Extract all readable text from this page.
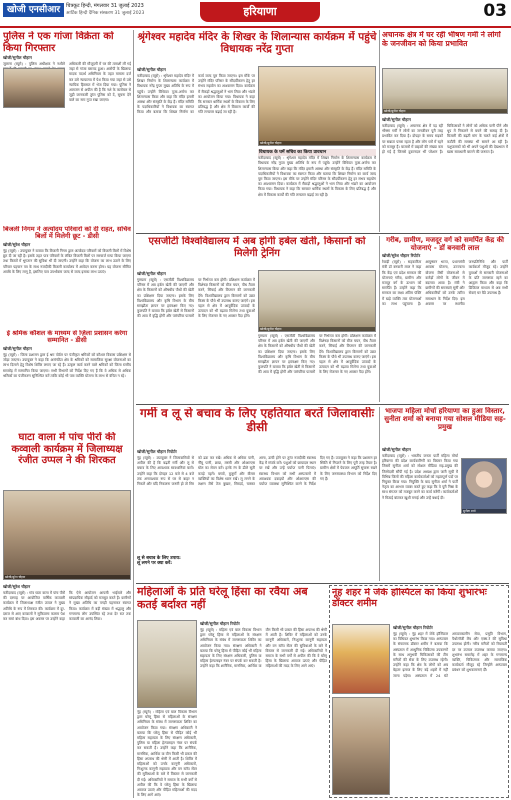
खोजी एनसीआर	चित्रकूट हिन्दी, मंगलवार 31 जुलाई 2023
आर्टिक हिन्दी दैनिक संस्करण 31 जुलाई 2023	हरियाणा	03
पुलिस ने एक गांजा विक्रेता को किया गिरफ्तार
खोजी/सुनील चौहान
जुलाना (ब्यूरो) : पुलिस अधीक्षक ने नशीले अधिकारी की मौजूदगी में घर की तलाशी ली गई जहां से गांजा बरामद हुआ। आरोपी के खिलाफ मादक पदार्थ अधिनियम के तहत मामला दर्ज कर उसे न्यायालय में पेश किया गया जहां से उसे न्यायिक हिरासत में भेज दिया गया। पुलिस ने आमजन से अपील की है कि नशे के कारोबार से जुड़ी जानकारी तुरंत पुलिस को दें, सूचना देने वाले का नाम गुप्त रखा जाएगा।
बिजली निगम ने अत्योदय परिवारों को दी राहत, सचिव बिलों में मिलेगी छूट - डीसी
खोजी/सुरेश चौहान
नूंह (ब्यूरो) : उपायुक्त ने बताया कि बिजली निगम द्वारा अंत्योदय परिवारों को बिजली बिलों में विशेष छूट दी जा रही है। इसके तहत पात्र परिवारों के लंबित बिजली बिलों पर सरचार्ज माफ किया जाएगा तथा किस्तों में भुगतान की सुविधा भी दी जाएगी। उन्होंने कहा कि योजना का लाभ उठाने के लिए परिवार पहचान पत्र के साथ नजदीकी बिजली कार्यालय में आवेदन करना होगा। यह योजना सीमित अवधि के लिए लागू है, इसलिए पात्र उपभोक्ता जल्द से जल्द इसका लाभ उठाएं।
ई श्रमिक कौशल के माध्यम से ज़िला प्रशासन करेगा सम्मानित - डीसी
खोजी/सुनील चौहान
नूंह (ब्यूरो) : जिला प्रशासन द्वारा ई श्रम पोर्टल पर पंजीकृत श्रमिकों को कौशल विकास प्रशिक्षण से जोड़ा जाएगा। उपायुक्त ने कहा कि असंगठित क्षेत्र के श्रमिकों को सामाजिक सुरक्षा योजनाओं का लाभ दिलाने हेतु विशेष शिविर लगाए जा रहे हैं। उत्कृष्ट कार्य करने वाले श्रमिकों को जिला स्तरीय समारोह में सम्मानित किया जाएगा। सभी विभागों को निर्देश दिए गए हैं कि वे अधिक से अधिक श्रमिकों का पंजीकरण सुनिश्चित करें ताकि कोई भी पात्र व्यक्ति योजना के लाभ से वंचित न रहे।
घाटा वाला में पांच पीरों की कव्वाली कार्यक्रम में जिलाध्यक्ष रंजीत उप्पल ने की शिरकत
खोजी/सुरेश चौहान
खोजी/सुरेश चौहान
फरीदाबाद (ब्यूरो) : गांव घाटा वाला में पांच पीरों की दरगाह पर आयोजित वार्षिक कव्वाली कार्यक्रम में जिलाध्यक्ष रंजीत उप्पल ने मुख्य अतिथि के रूप में शिरकत की। कार्यक्रम में दूर-दराज से आए कव्वालों ने सूफियाना कलाम पेश कर समां बांध दिया। इस अवसर पर उन्होंने कहा कि ऐसे आयोजन आपसी भाईचारे और सांप्रदायिक सौहार्द को मजबूत करते हैं। ग्रामीणों ने मुख्य अतिथि का पगड़ी पहनाकर स्वागत किया। कार्यक्रम में बड़ी संख्या में श्रद्धालु और गणमान्य लोग उपस्थित रहे तथा देर रात तक कव्वाली का आनंद लिया।
श्रृंगेश्वर महादेव मंदिर के शिखर के शिलान्यास कार्यक्रम में पहुंचे विधायक नरेंद्र गुप्ता
खोजी/सुनील चौहान
फरीदाबाद (ब्यूरो) : श्रृंगेश्वर महादेव मंदिर में शिखर निर्माण के शिलान्यास कार्यक्रम में विधायक नरेंद्र गुप्ता मुख्य अतिथि के रूप में पहुंचे। उन्होंने विधिवत पूजा-अर्चना कर शिलान्यास किया और कहा कि मंदिर हमारी आस्था और संस्कृति के केंद्र हैं। मंदिर समिति के पदाधिकारियों ने विधायक का स्वागत किया और बताया कि शिखर निर्माण का कार्य जल्द पूरा किया जाएगा। इस मौके पर उन्होंने मंदिर परिसर के सौंदर्यीकरण हेतु हर संभव सहयोग का आश्वासन दिया। कार्यक्रम में सैकड़ों श्रद्धालुओं ने भाग लिया और भंडारे का आयोजन किया गया। विधायक ने कहा कि सरकार धार्मिक स्थलों के विकास के लिए प्रतिबद्ध है और क्षेत्र में विकास कार्यों की गति लगातार बढ़ाई जा रही है।
खोजी/सुनील चौहान
विधायक के घर्मे सचिव का किया प्रावधान
फरीदाबाद (ब्यूरो) : श्रृंगेश्वर महादेव मंदिर में शिखर निर्माण के शिलान्यास कार्यक्रम में विधायक नरेंद्र गुप्ता मुख्य अतिथि के रूप में पहुंचे। उन्होंने विधिवत पूजा-अर्चना कर शिलान्यास किया और कहा कि मंदिर हमारी आस्था और संस्कृति के केंद्र हैं। मंदिर समिति के पदाधिकारियों ने विधायक का स्वागत किया और बताया कि शिखर निर्माण का कार्य जल्द पूरा किया जाएगा। इस मौके पर उन्होंने मंदिर परिसर के सौंदर्यीकरण हेतु हर संभव सहयोग का आश्वासन दिया। कार्यक्रम में सैकड़ों श्रद्धालुओं ने भाग लिया और भंडारे का आयोजन किया गया। विधायक ने कहा कि सरकार धार्मिक स्थलों के विकास के लिए प्रतिबद्ध है और क्षेत्र में विकास कार्यों की गति लगातार बढ़ाई जा रही है।
अचानक क्षेत्र में घर रही भीषण गर्मी ने लोगों के जनजीवन को किया प्रभावित
खोजी/सुनील चौहान
खोजी/सुनील चौहान
फरीदाबाद (ब्यूरो) : अचानक क्षेत्र में पड़ रही भीषण गर्मी ने लोगों का जनजीवन पूरी तरह प्रभावित कर दिया है। दोपहर के समय सड़कों पर सन्नाटा पसरा रहता है और लोग घरों में रहने को मजबूर हैं। बाजारों में ग्राहकों की संख्या कम हो गई है जिससे दुकानदार भी परेशान हैं। चिकित्सकों ने लोगों को अधिक पानी पीने और धूप में निकलने से बचने की सलाह दी है। बिजली की बढ़ती मांग के चलते कई क्षेत्रों में कटौती की समस्या भी सामने आ रही है। पशुपालकों को भी अपने पशुओं की देखभाल में खास सावधानी बरतने की जरूरत है।
एसजीटी विश्वविद्यालय में अब होगी हर्बल खेती, किसानों को मिलेगी ट्रेनिंग
खोजी/सुनील चौहान
गुरुग्राम (ब्यूरो) : एसजीटी विश्वविद्यालय परिसर में अब हर्बल खेती की जाएगी और क्षेत्र के किसानों को औषधीय पौधों की खेती का प्रशिक्षण दिया जाएगा। इसके लिए विश्वविद्यालय और कृषि विभाग के बीच समझौता ज्ञापन पर हस्ताक्षर किए गए। कुलपति ने बताया कि हर्बल खेती से किसानों की आय में वृद्धि होगी और पारंपरिक फसलों पर निर्भरता कम होगी। प्रशिक्षण कार्यक्रम में विशेषज्ञ किसानों को बीज चयन, पौध तैयार करने, सिंचाई और विपणन की जानकारी देंगे। विश्वविद्यालय द्वारा किसानों को उन्नत किस्म के पौधे भी उपलब्ध कराए जाएंगे। इस पहल से क्षेत्र में आयुर्वेदिक उत्पादों के उत्पादन को भी बढ़ावा मिलेगा तथा युवाओं के लिए रोजगार के नए अवसर पैदा होंगे।
खोजी/सुनील चौहान
गुरुग्राम (ब्यूरो) : एसजीटी विश्वविद्यालय परिसर में अब हर्बल खेती की जाएगी और क्षेत्र के किसानों को औषधीय पौधों की खेती का प्रशिक्षण दिया जाएगा। इसके लिए विश्वविद्यालय और कृषि विभाग के बीच समझौता ज्ञापन पर हस्ताक्षर किए गए। कुलपति ने बताया कि हर्बल खेती से किसानों की आय में वृद्धि होगी और पारंपरिक फसलों पर निर्भरता कम होगी। प्रशिक्षण कार्यक्रम में विशेषज्ञ किसानों को बीज चयन, पौध तैयार करने, सिंचाई और विपणन की जानकारी देंगे। विश्वविद्यालय द्वारा किसानों को उन्नत किस्म के पौधे भी उपलब्ध कराए जाएंगे। इस पहल से क्षेत्र में आयुर्वेदिक उत्पादों के उत्पादन को भी बढ़ावा मिलेगा तथा युवाओं के लिए रोजगार के नए अवसर पैदा होंगे।
गरीब, ग्रामीण, मजदूर वर्ग को समर्पित केंद्र की योजनाएं - डॉ बनवारी लाल
खोजी/सुरेश चौहान रिपोर्टर
रेवाड़ी (ब्यूरो) : सहकारिता मंत्री डॉ बनवारी लाल ने कहा कि केंद्र एवं प्रदेश सरकार की योजनाएं गरीब, ग्रामीण और मजदूर वर्ग के उत्थान को समर्पित हैं। उन्होंने कहा कि सरकार का लक्ष्य अंतिम पंक्ति में खड़े व्यक्ति तक योजनाओं का लाभ पहुंचाना है। आयुष्मान भारत, प्रधानमंत्री आवास योजना, उज्ज्वला योजना जैसी योजनाओं से करोड़ों लोगों के जीवन में बदलाव आया है। मंत्री ने ग्रामीणों की समस्याएं सुनीं और अधिकारियों को उनके त्वरित समाधान के निर्देश दिए। इस अवसर पर स्थानीय जनप्रतिनिधि और पार्टी कार्यकर्ता मौजूद रहे। उन्होंने युवाओं से सरकारी योजनाओं के प्रति जागरूक रहने का आह्वान किया और कहा कि डिजिटल माध्यम से अब सभी सेवाएं घर बैठे उपलब्ध हैं।
गर्मी व लू से बचाव के लिए एहतियात बरतें जिलावासीः डीसी
खोजी/सुनील चौहान रिपोर्टर
नूंह (ब्यूरो) : उपायुक्त ने जिलावासियों से अपील की है कि बढ़ती गर्मी और लू से बचाव के लिए आवश्यक सावधानियां बरतें। उन्होंने कहा कि दोपहर 12 बजे से 4 बजे तक अनावश्यक रूप से घर से बाहर न निकलें और यदि निकलना जरूरी हो तो सिर को ढक कर रखें। अधिक से अधिक पानी, नींबू पानी, छाछ, लस्सी और ओआरएस घोल का सेवन करें। हल्के रंग के ढीले सूती कपड़े पहनें। बच्चों, बुजुर्गों और बीमार व्यक्तियों का विशेष ध्यान रखें। लू लगने के लक्षण जैसे तेज बुखार, सिरदर्द, चक्कर आना, उल्टी होने पर तुरंत नजदीकी स्वास्थ्य केंद्र में संपर्क करें। पशुओं को छायादार स्थान पर रखें और उन्हें पर्याप्त पानी पिलाएं। स्वास्थ्य विभाग को सभी अस्पतालों में आवश्यक दवाइयों और ओआरएस की पर्याप्त व्यवस्था सुनिश्चित करने के निर्देश दिए गए हैं। उपायुक्त ने कहा कि प्रशासन हर स्थिति से निपटने के लिए पूरी तरह तैयार है। ग्रामीण क्षेत्रों में पेयजल आपूर्ति सुचारू रखने के लिए जनस्वास्थ्य विभाग को निर्देश दिए गए हैं।
लू से बचाव के लिए उपाय:
लू लगने पर क्या करें:
भाजपा महिला मोर्चा हरियाणा का हुआ विस्तार, सुनीता शर्मा को बनाया गया सोशल मीडिया सह-प्रमुख
खोजी/सुनील चौहान
फरीदाबाद (ब्यूरो) : भारतीय जनता पार्टी महिला मोर्चा हरियाणा की प्रदेश कार्यकारिणी का विस्तार किया गया जिसमें सुनीता शर्मा को सोशल मीडिया सह-प्रमुख की जिम्मेदारी सौंपी गई है। प्रदेश अध्यक्ष द्वारा जारी सूची में विभिन्न जिलों की महिला कार्यकर्ताओं को महत्वपूर्ण पदों पर नियुक्त किया गया। नियुक्ति के बाद सुनीता शर्मा ने पार्टी नेतृत्व का आभार व्यक्त करते हुए कहा कि वे पूरी निष्ठा के साथ संगठन को मजबूत करने का कार्य करेंगी। कार्यकर्ताओं ने मिठाई बांटकर खुशी मनाई और उन्हें बधाई दी।
सुनीता शर्मा
महिलाओं के प्रति घरेलू हिंसा का रवैया अब कतई बर्दाश्त नहीं
खोजी/सुनील चौहान रिपोर्टर
नूंह (ब्यूरो) : महिला एवं बाल विकास विभाग द्वारा घरेलू हिंसा से महिलाओं के संरक्षण अधिनियम के संबंध में जागरूकता शिविर का आयोजन किया गया। संरक्षण अधिकारी ने बताया कि घरेलू हिंसा से पीड़ित कोई भी महिला सहायता के लिए संरक्षण अधिकारी, पुलिस या महिला हेल्पलाइन नंबर पर संपर्क कर सकती है। उन्होंने कहा कि शारीरिक, मानसिक, आर्थिक या यौन किसी भी प्रकार की हिंसा अपराध की श्रेणी में आती है। शिविर में महिलाओं को उनके कानूनी अधिकारों, निःशुल्क कानूनी सहायता और वन स्टॉप सेंटर की सुविधाओं के बारे में विस्तार से जानकारी दी गई। अधिकारियों ने समाज के सभी वर्गों से अपील की कि वे घरेलू हिंसा के खिलाफ आवाज उठाएं और पीड़ित महिलाओं की मदद के लिए आगे आएं।
नूंह (ब्यूरो) : महिला एवं बाल विकास विभाग द्वारा घरेलू हिंसा से महिलाओं के संरक्षण अधिनियम के संबंध में जागरूकता शिविर का आयोजन किया गया। संरक्षण अधिकारी ने बताया कि घरेलू हिंसा से पीड़ित कोई भी महिला सहायता के लिए संरक्षण अधिकारी, पुलिस या महिला हेल्पलाइन नंबर पर संपर्क कर सकती है। उन्होंने कहा कि शारीरिक, मानसिक, आर्थिक या यौन किसी भी प्रकार की हिंसा अपराध की श्रेणी में आती है। शिविर में महिलाओं को उनके कानूनी अधिकारों, निःशुल्क कानूनी सहायता और वन स्टॉप सेंटर की सुविधाओं के बारे में विस्तार से जानकारी दी गई। अधिकारियों ने समाज के सभी वर्गों से अपील की कि वे घरेलू हिंसा के खिलाफ आवाज उठाएं और पीड़ित महिलाओं की मदद के लिए आगे आएं।
नूंह शहर में जेके हॉस्पिटल का किया शुभारंभः डॉक्टर शमीम
खोजी/सुनील चौहान रिपोर्टर
नूंह (ब्यूरो) : नूंह शहर में जेके हॉस्पिटल का विधिवत शुभारंभ किया गया। अस्पताल के संचालक डॉक्टर शमीम ने बताया कि अस्पताल में आधुनिक चिकित्सा उपकरणों के साथ अनुभवी चिकित्सकों की टीम मरीजों की सेवा के लिए उपलब्ध रहेगी। उन्होंने कहा कि क्षेत्र के लोगों को अब बेहतर इलाज के लिए बड़े शहरों में नहीं जाना पड़ेगा। अस्पताल में 24 घंटे आपातकालीन सेवा, प्रसूति विभाग, पैथोलॉजी लैब और एक्स-रे की सुविधा उपलब्ध होगी। गरीब मरीजों को रियायती दर पर उपचार उपलब्ध कराया जाएगा। शुभारंभ समारोह में शहर के गणमान्य व्यक्ति, चिकित्सक और सामाजिक कार्यकर्ता मौजूद रहे जिन्होंने अस्पताल प्रबंधन को शुभकामनाएं दीं।
